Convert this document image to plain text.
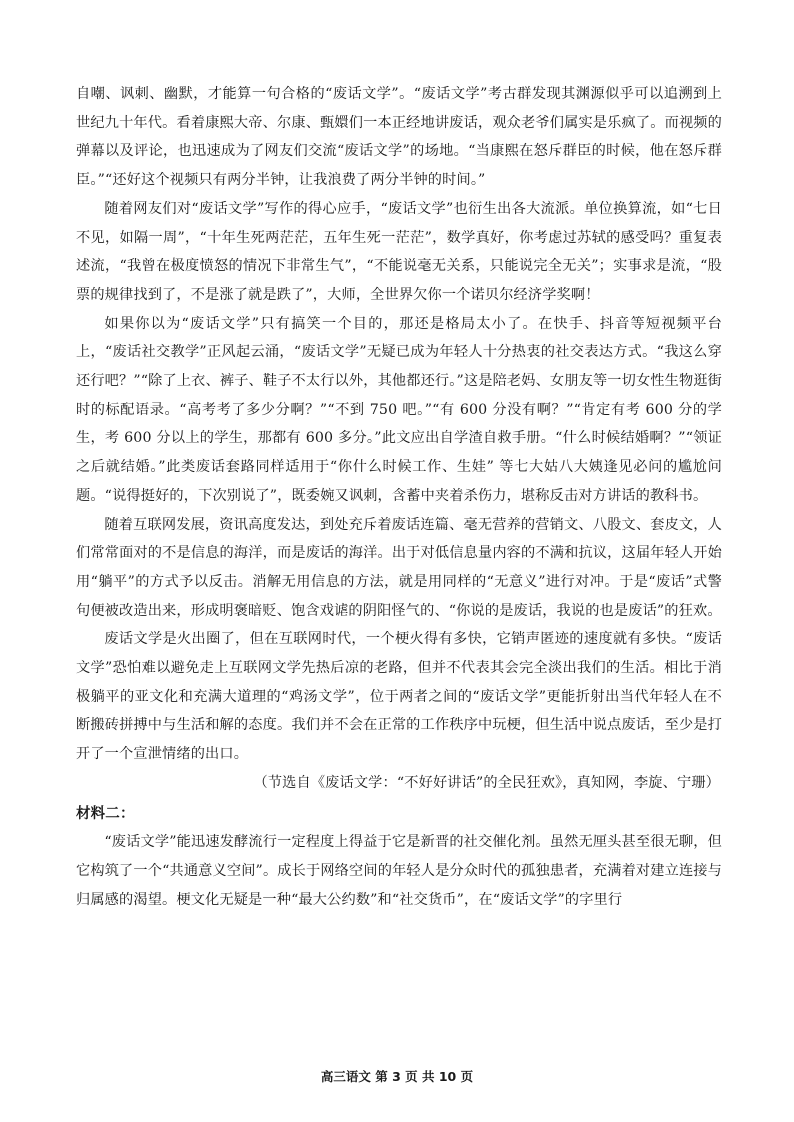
自嘲、讽刺、幽默，才能算一句合格的“废话文学”。“废话文学”考古群发现其渊源似乎可以追溯到上世纪九十年代。看着康熙大帝、尔康、甄嬛们一本正经地讲废话，观众老爷们属实是乐疯了。而视频的弹幕以及评论，也迅速成为了网友们交流“废话文学”的场地。“当康熙在怒斥群臣的时候，他在怒斥群臣。”“还好这个视频只有两分半钟，让我浪费了两分半钟的时间。”

随着网友们对“废话文学”写作的得心应手，“废话文学”也衍生出各大流派。单位换算流，如“七日不见，如隔一周”，“十年生死两茫茫，五年生死一茫茫”，数学真好，你考虑过苏轼的感受吗？重复表述流，“我曾在极度愤怒的情况下非常生气”，“不能说毫无关系，只能说完全无关”；实事求是流，“股票的规律找到了，不是涨了就是跌了”，大师，全世界欠你一个诺贝尔经济学奖啊！

如果你以为“废话文学”只有搞笑一个目的，那还是格局太小了。在快手、抖音等短视频平台上，“废话社交教学”正风起云涌，“废话文学”无疑已成为年轻人十分热衷的社交表达方式。“我这么穿还行吧？”“除了上衣、裤子、鞋子不太行以外，其他都还行。”这是陪老妈、女朋友等一切女性生物逛街时的标配语录。“高考考了多少分啊？”“不到 750 吧。”“有 600 分没有啊？”“肯定有考 600 分的学生，考 600 分以上的学生，那都有 600 多分。”此文应出自学渣自救手册。“什么时候结婚啊？”“领证之后就结婚。”此类废话套路同样适用于“你什么时候工作、生娃” 等七大姑八大姨逢见必问的尴尬问题。“说得挺好的，下次别说了”，既委婉又讽刺，含蓄中夹着杀伤力，堪称反击对方讲话的教科书。

随着互联网发展，资讯高度发达，到处充斥着废话连篇、毫无营养的营销文、八股文、套皮文，人们常常面对的不是信息的海洋，而是废话的海洋。出于对低信息量内容的不满和抗议，这届年轻人开始用“躺平”的方式予以反击。消解无用信息的方法，就是用同样的“无意义”进行对冲。于是“废话”式警句便被改造出来，形成明褒暗贬、饱含戏谑的阴阳怪气的、“你说的是废话，我说的也是废话”的狂欢。

废话文学是火出圈了，但在互联网时代，一个梗火得有多快，它销声匿迹的速度就有多快。“废话文学”恐怕难以避免走上互联网文学先热后凉的老路，但并不代表其会完全淡出我们的生活。相比于消极躺平的亚文化和充满大道理的“鸡汤文学”，位于两者之间的“废话文学”更能折射出当代年轻人在不断搬砖拼搏中与生活和解的态度。我们并不会在正常的工作秩序中玩梗，但生活中说点废话，至少是打开了一个宣泄情绪的出口。

（节选自《废话文学：“不好好讲话”的全民狂欢》，真知网，李旋、宁珊）

材料二：

“废话文学”能迅速发酵流行一定程度上得益于它是新晋的社交催化剂。虽然无厘头甚至很无聊，但它构筑了一个“共通意义空间”。成长于网络空间的年轻人是分众时代的孤独患者，充满着对建立连接与归属感的渴望。梗文化无疑是一种“最大公约数”和“社交货币”，在“废话文学”的字里行

高三语文 第 3 页 共 10 页
